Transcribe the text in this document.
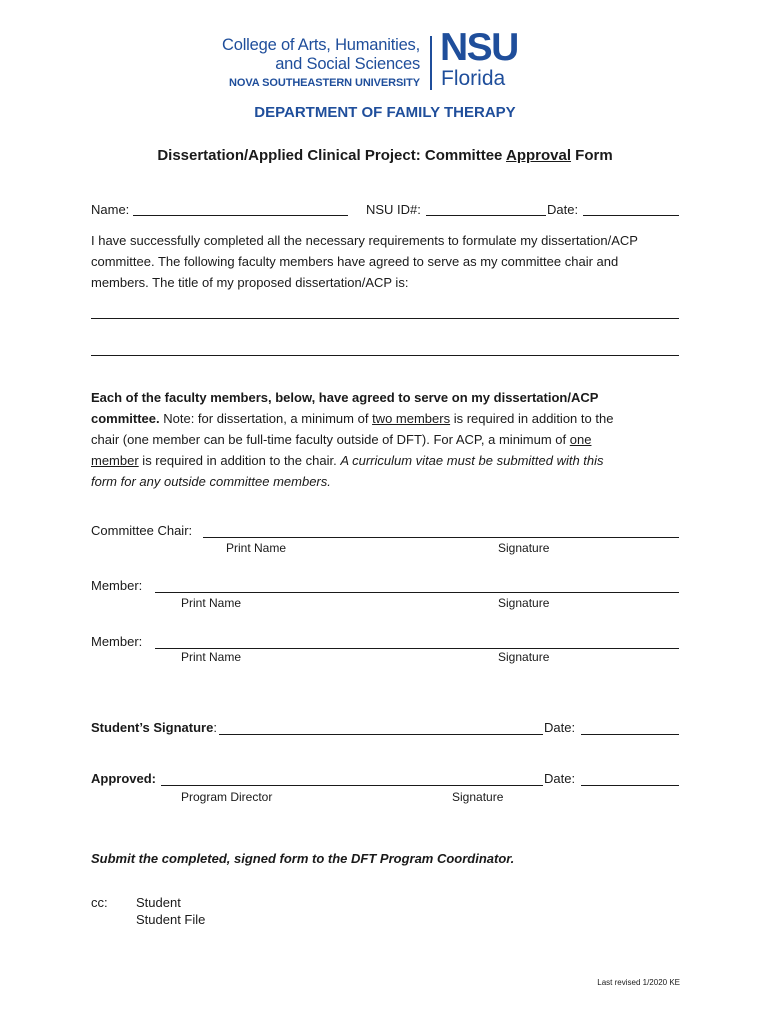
College of Arts, Humanities,
and Social Sciences
NOVA SOUTHEASTERN UNIVERSITY
NSU
Florida
DEPARTMENT OF FAMILY THERAPY
Dissertation/Applied Clinical Project: Committee Approval Form
Name:	NSU ID#:	Date:
I have successfully completed all the necessary requirements to formulate my dissertation/ACP
committee. The following faculty members have agreed to serve as my committee chair and
members. The title of my proposed dissertation/ACP is:
Each of the faculty members, below, have agreed to serve on my dissertation/ACP
committee. Note: for dissertation, a minimum of two members is required in addition to the
chair (one member can be full-time faculty outside of DFT). For ACP, a minimum of one
member is required in addition to the chair. A curriculum vitae must be submitted with this
form for any outside committee members.
Committee Chair:
Print Name	Signature
Member:
Print Name	Signature
Member:
Print Name	Signature
Student’s Signature:	Date:
Approved:	Date:
Program Director	Signature
Submit the completed, signed form to the DFT Program Coordinator.
cc: Student
Student File
Last revised 1/2020 KE
